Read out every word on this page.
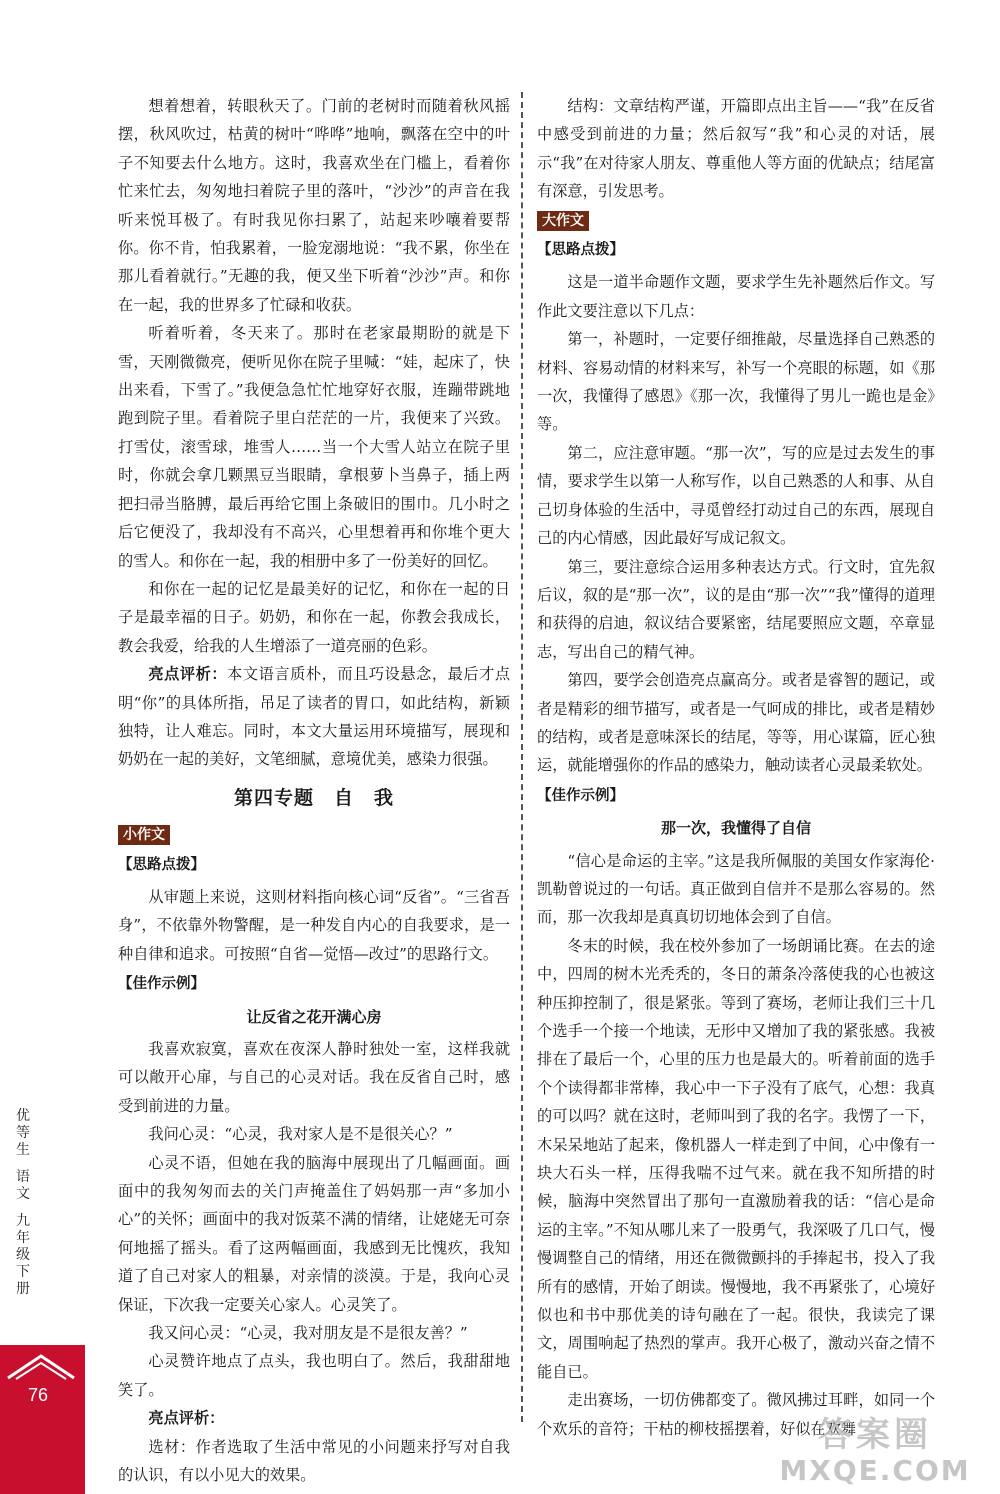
想着想着，转眼秋天了。门前的老树时而随着秋风摇摆，秋风吹过，枯黄的树叶“哗哗”地响，飘落在空中的叶子不知要去什么地方。这时，我喜欢坐在门槛上，看着你忙来忙去，匆匆地扫着院子里的落叶，“沙沙”的声音在我听来悦耳极了。有时我见你扫累了，站起来吵嚷着要帮你。你不肯，怕我累着，一脸宠溺地说：“我不累，你坐在那儿看着就行。”无趣的我，便又坐下听着“沙沙”声。和你在一起，我的世界多了忙碌和收获。

听着听着，冬天来了。那时在老家最期盼的就是下雪，天刚微微亮，便听见你在院子里喊：“娃，起床了，快出来看，下雪了。”我便急急忙忙地穿好衣服，连蹦带跳地跑到院子里。看着院子里白茫茫的一片，我便来了兴致。打雪仗，滚雪球，堆雪人……当一个大雪人站立在院子里时，你就会拿几颗黑豆当眼睛，拿根萝卜当鼻子，插上两把扫帚当胳膊，最后再给它围上条破旧的围巾。几小时之后它便没了，我却没有不高兴，心里想着再和你堆个更大的雪人。和你在一起，我的相册中多了一份美好的回忆。

和你在一起的记忆是最美好的记忆，和你在一起的日子是最幸福的日子。奶奶，和你在一起，你教会我成长，教会我爱，给我的人生增添了一道亮丽的色彩。

亮点评析：本文语言质朴，而且巧设悬念，最后才点明“你”的具体所指，吊足了读者的胃口，如此结构，新颖独特，让人难忘。同时，本文大量运用环境描写，展现和奶奶在一起的美好，文笔细腻，意境优美，感染力很强。

第四专题　自　我
小作文
【思路点拨】

从审题上来说，这则材料指向核心词“反省”。“三省吾身”，不依靠外物警醒，是一种发自内心的自我要求，是一种自律和追求。可按照“自省—觉悟—改过”的思路行文。

【佳作示例】
让反省之花开满心房

我喜欢寂寞，喜欢在夜深人静时独处一室，这样我就可以敞开心扉，与自己的心灵对话。我在反省自己时，感受到前进的力量。

我问心灵：“心灵，我对家人是不是很关心？”

心灵不语，但她在我的脑海中展现出了几幅画面。画面中的我匆匆而去的关门声掩盖住了妈妈那一声“多加小心”的关怀；画面中的我对饭菜不满的情绪，让姥姥无可奈何地摇了摇头。看了这两幅画面，我感到无比愧疚，我知道了自己对家人的粗暴，对亲情的淡漠。于是，我向心灵保证，下次我一定要关心家人。心灵笑了。

我又问心灵：“心灵，我对朋友是不是很友善？”

心灵赞许地点了点头，我也明白了。然后，我甜甜地笑了。

亮点评析：

选材：作者选取了生活中常见的小问题来抒写对自我的认识，有以小见大的效果。

结构：文章结构严谨，开篇即点出主旨——“我”在反省中感受到前进的力量；然后叙写“我”和心灵的对话，展示“我”在对待家人朋友、尊重他人等方面的优缺点；结尾富有深意，引发思考。

大作文
【思路点拨】

这是一道半命题作文题，要求学生先补题然后作文。写作此文要注意以下几点：

第一，补题时，一定要仔细推敲，尽量选择自己熟悉的材料、容易动情的材料来写，补写一个亮眼的标题，如《那一次，我懂得了感恩》《那一次，我懂得了男儿一跪也是金》等。

第二，应注意审题。“那一次”，写的应是过去发生的事情，要求学生以第一人称写作，以自己熟悉的人和事、从自己切身体验的生活中，寻觅曾经打动过自己的东西，展现自己的内心情感，因此最好写成记叙文。

第三，要注意综合运用多种表达方式。行文时，宜先叙后议，叙的是“那一次”，议的是由“那一次”“我”懂得的道理和获得的启迪，叙议结合要紧密，结尾要照应文题，卒章显志，写出自己的精气神。

第四，要学会创造亮点赢高分。或者是睿智的题记，或者是精彩的细节描写，或者是一气呵成的排比，或者是精妙的结构，或者是意味深长的结尾，等等，用心谋篇，匠心独运，就能增强你的作品的感染力，触动读者心灵最柔软处。

【佳作示例】
那一次，我懂得了自信

“信心是命运的主宰。”这是我所佩服的美国女作家海伦·凯勒曾说过的一句话。真正做到自信并不是那么容易的。然而，那一次我却是真真切切地体会到了自信。

冬末的时候，我在校外参加了一场朗诵比赛。在去的途中，四周的树木光秃秃的，冬日的萧条冷落使我的心也被这种压抑控制了，很是紧张。等到了赛场，老师让我们三十几个选手一个接一个地读，无形中又增加了我的紧张感。我被排在了最后一个，心里的压力也是最大的。听着前面的选手个个读得都非常棒，我心中一下子没有了底气，心想：我真的可以吗？就在这时，老师叫到了我的名字。我愣了一下，木呆呆地站了起来，像机器人一样走到了中间，心中像有一块大石头一样，压得我喘不过气来。就在我不知所措的时候，脑海中突然冒出了那句一直激励着我的话：“信心是命运的主宰。”不知从哪儿来了一股勇气，我深吸了几口气，慢慢调整自己的情绪，用还在微微颤抖的手捧起书，投入了我所有的感情，开始了朗读。慢慢地，我不再紧张了，心境好似也和书中那优美的诗句融在了一起。很快，我读完了课文，周围响起了热烈的掌声。我开心极了，激动兴奋之情不能自已。

走出赛场，一切仿佛都变了。微风拂过耳畔，如同一个个欢乐的音符；干枯的柳枝摇摆着，好似在欢舞

优等生
语文
九年级下册
76
答案圈
MXQE.COM
